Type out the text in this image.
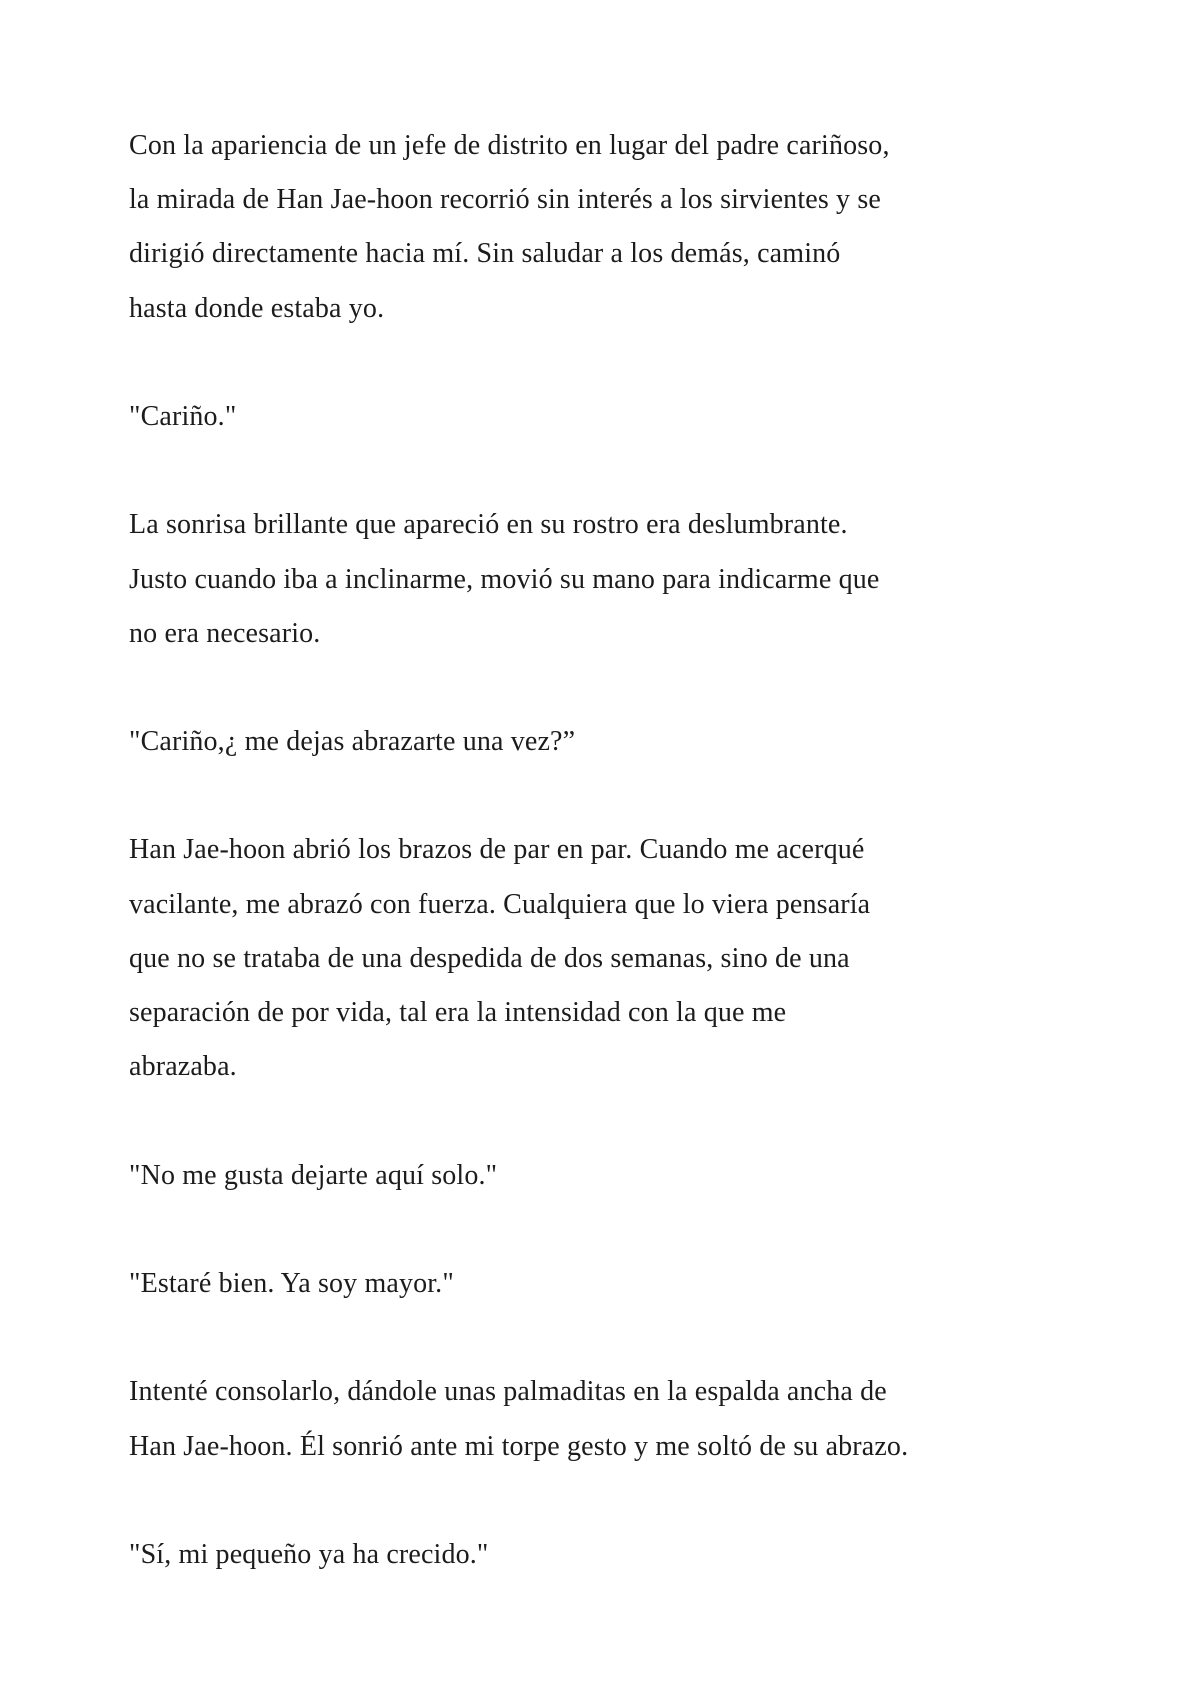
Con la apariencia de un jefe de distrito en lugar del padre cariñoso,
la mirada de Han Jae-hoon recorrió sin interés a los sirvientes y se
dirigió directamente hacia mí. Sin saludar a los demás, caminó
hasta donde estaba yo.

"Cariño."

La sonrisa brillante que apareció en su rostro era deslumbrante.
Justo cuando iba a inclinarme, movió su mano para indicarme que
no era necesario.

"Cariño,¿ me dejas abrazarte una vez?”

Han Jae-hoon abrió los brazos de par en par. Cuando me acerqué
vacilante, me abrazó con fuerza. Cualquiera que lo viera pensaría
que no se trataba de una despedida de dos semanas, sino de una
separación de por vida, tal era la intensidad con la que me
abrazaba.

"No me gusta dejarte aquí solo."

"Estaré bien. Ya soy mayor."

Intenté consolarlo, dándole unas palmaditas en la espalda ancha de
Han Jae-hoon. Él sonrió ante mi torpe gesto y me soltó de su abrazo.

"Sí, mi pequeño ya ha crecido."
